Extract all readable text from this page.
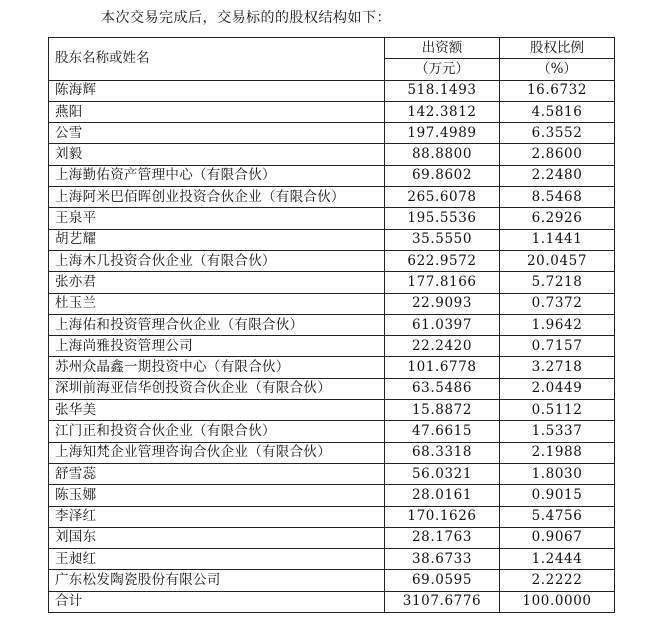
本次交易完成后，交易标的的股权结构如下：
股东名称或姓名	出资额	股权比例
	（万元）	（%）
陈海辉	518.1493	16.6732
燕阳	142.3812	4.5816
公雪	197.4989	6.3552
刘毅	88.8800	2.8600
上海勤佑资产管理中心（有限合伙）	69.8602	2.2480
上海阿米巴佰晖创业投资合伙企业（有限合伙）	265.6078	8.5468
王泉平	195.5536	6.2926
胡艺耀	35.5550	1.1441
上海木几投资合伙企业（有限合伙）	622.9572	20.0457
张亦君	177.8166	5.7218
杜玉兰	22.9093	0.7372
上海佑和投资管理合伙企业（有限合伙）	61.0397	1.9642
上海尚雅投资管理公司	22.2420	0.7157
苏州众晶鑫一期投资中心（有限合伙）	101.6778	3.2718
深圳前海亚信华创投资合伙企业（有限合伙）	63.5486	2.0449
张华美	15.8872	0.5112
江门正和投资合伙企业（有限合伙）	47.6615	1.5337
上海知梵企业管理咨询合伙企业（有限合伙）	68.3318	2.1988
舒雪蕊	56.0321	1.8030
陈玉娜	28.0161	0.9015
李泽红	170.1626	5.4756
刘国东	28.1763	0.9067
王昶红	38.6733	1.2444
广东松发陶瓷股份有限公司	69.0595	2.2222
合计	3107.6776	100.0000
